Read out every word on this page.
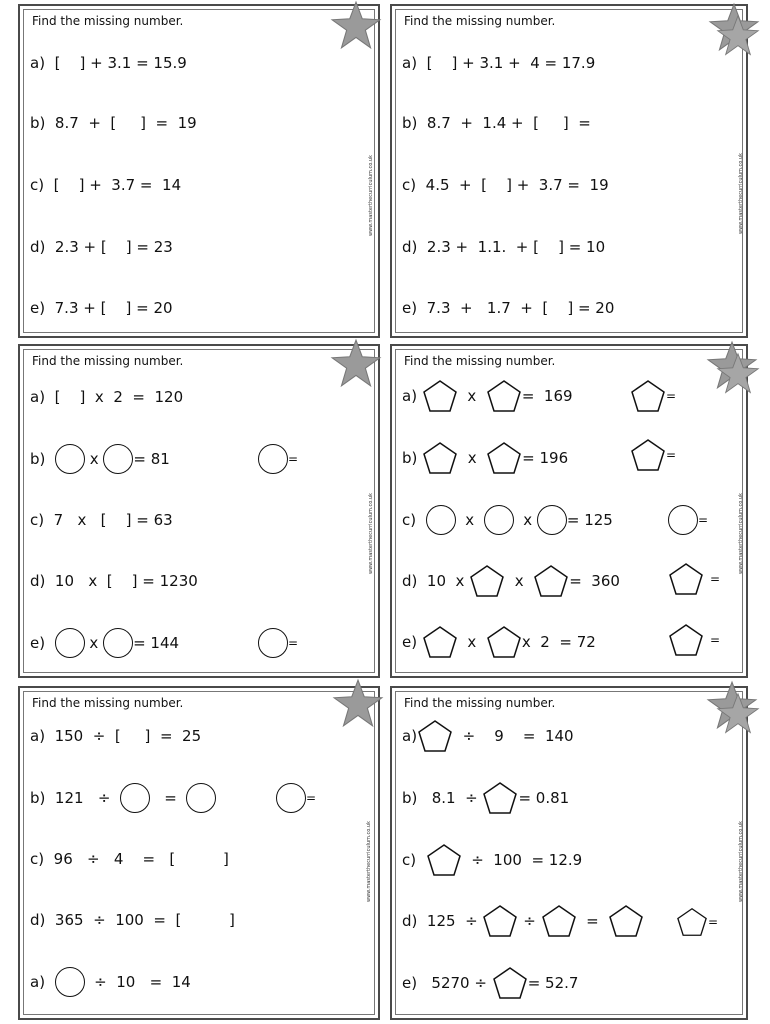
Find the missing number.
a)
[    ] + 3.1 = 15.9
b)
8.7  +  [     ]  =  19
c)
[    ] +  3.7 =  14
d)
2.3 + [    ] = 23
e)
7.3 + [    ] = 20
www.masterthecurriculum.co.uk
Find the missing number.
a)
[    ] + 3.1 +  4 = 17.9
b)
8.7  +  1.4 +  [     ]  =
c)
4.5  +  [    ] +  3.7 =  19
d)
2.3 +  1.1.  + [    ] = 10
e)
7.3  +   1.7  +  [    ] = 20
www.masterthecurriculum.co.uk
Find the missing number.
a)
[    ]  x  2  =  120
b)

	x
= 81	=
c)
7   x   [    ] = 63
d)
10   x  [    ] = 1230
e)

	x
= 144	=
www.masterthecurriculum.co.uk
Find the missing number.
a)

	x
	=  169	=
b)

	x
	= 196	=
c)

	x

	x
= 125	=
d)
10  x

	x
	=  360	=
e)

	x
	x  2  = 72	=
www.masterthecurriculum.co.uk
Find the missing number.
a)
150  ÷  [     ]  =  25
b)
121   ÷

	=
	=
c)
96   ÷   4    =   [          ]
d)
365  ÷  100  =  [          ]
a)

	÷  10   =  14
www.masterthecurriculum.co.uk
Find the missing number.
a)
	÷    9    =  140
b)
8.1  ÷
	= 0.81
c)

	÷  100  = 12.9
d)
125  ÷

	÷

	=
	=
e)
5270 ÷
	= 52.7
www.masterthecurriculum.co.uk
